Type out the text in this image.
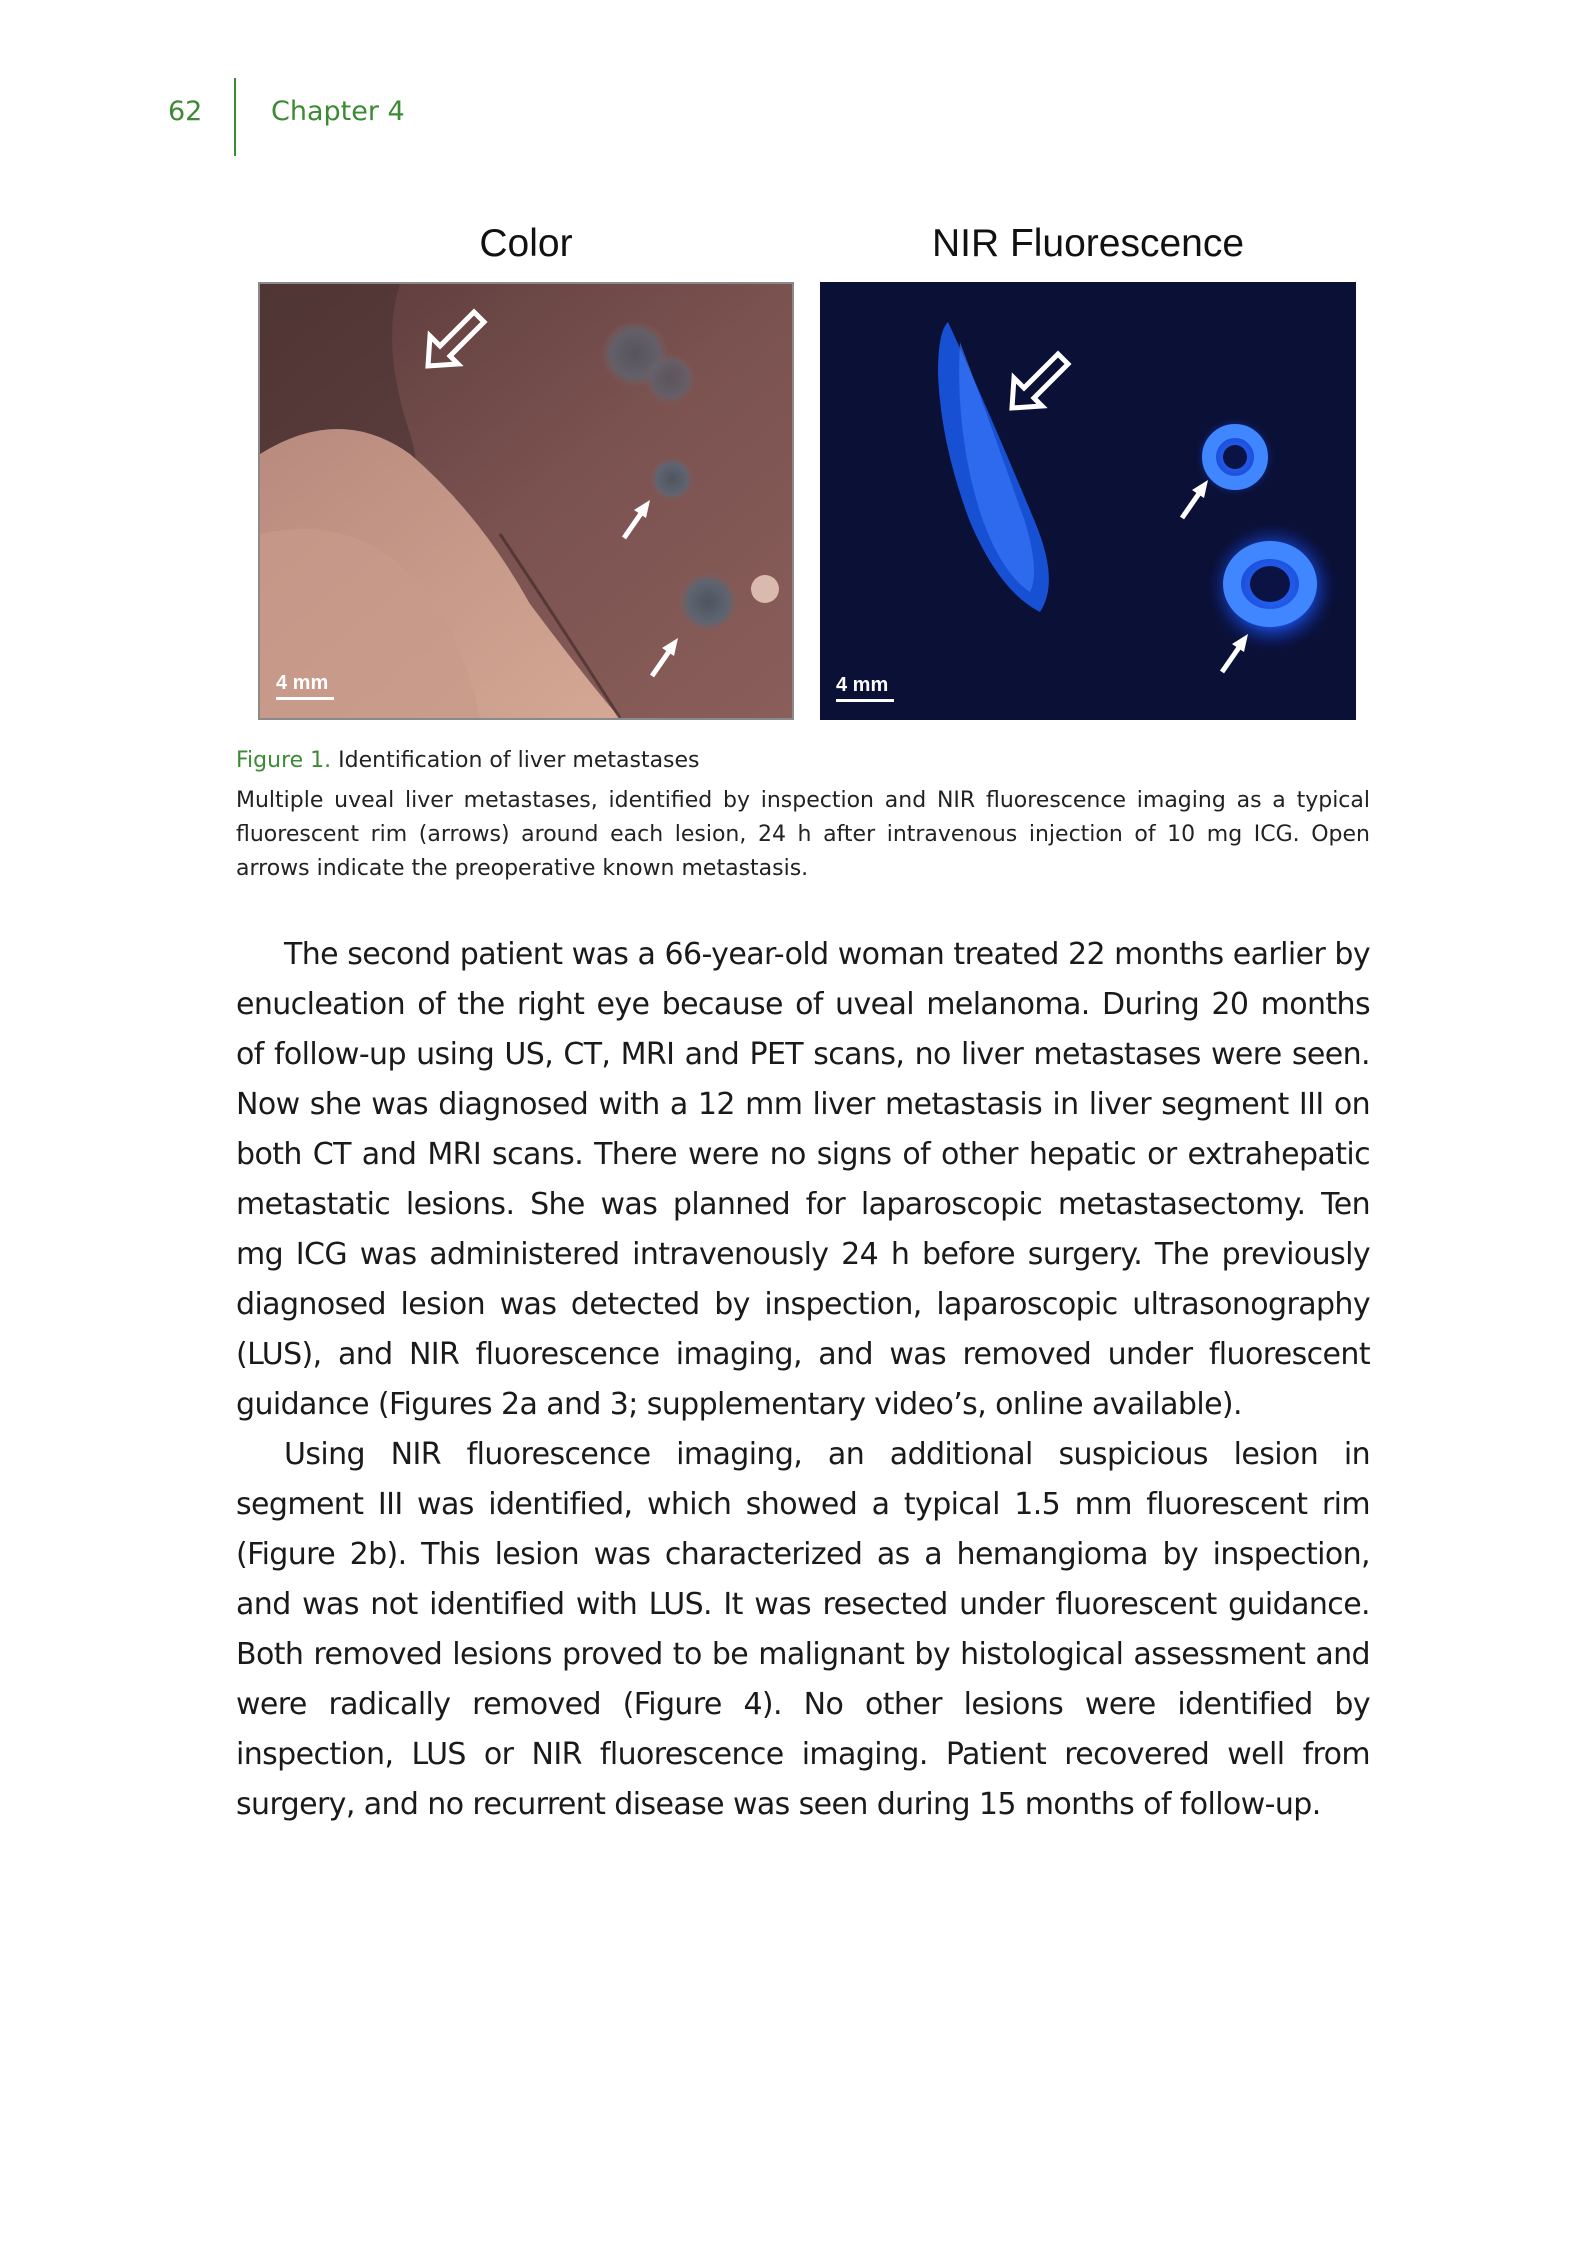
62	Chapter 4
Color	NIR Fluorescence
4 mm	4 mm

Figure 1. Identification of liver metastases

Multiple uveal liver metastases, identified by inspection and NIR fluorescence imaging as a typical fluorescent rim (arrows) around each lesion, 24 h after intravenous injection of 10 mg ICG. Open arrows indicate the preoperative known metastasis.

The second patient was a 66-year-old woman treated 22 months earlier by enucleation of the right eye because of uveal melanoma. During 20 months of follow-up using US, CT, MRI and PET scans, no liver metastases were seen. Now she was diagnosed with a 12 mm liver metastasis in liver segment III on both CT and MRI scans. There were no signs of other hepatic or extrahepatic metastatic lesions. She was planned for laparoscopic metastasectomy. Ten mg ICG was administered intravenously 24 h before surgery. The previously diagnosed lesion was detected by inspection, laparoscopic ultrasonography (LUS), and NIR fluorescence imaging, and was removed under fluorescent guidance (Figures 2a and 3; supplementary video’s, online available).

Using NIR fluorescence imaging, an additional suspicious lesion in segment III was identified, which showed a typical 1.5 mm fluorescent rim (Figure 2b). This lesion was characterized as a hemangioma by inspection, and was not identified with LUS. It was resected under fluorescent guidance. Both removed lesions proved to be malignant by histological assessment and were radically removed (Figure 4). No other lesions were identified by inspection, LUS or NIR fluorescence imaging. Patient recovered well from surgery, and no recurrent disease was seen during 15 months of follow-up.
